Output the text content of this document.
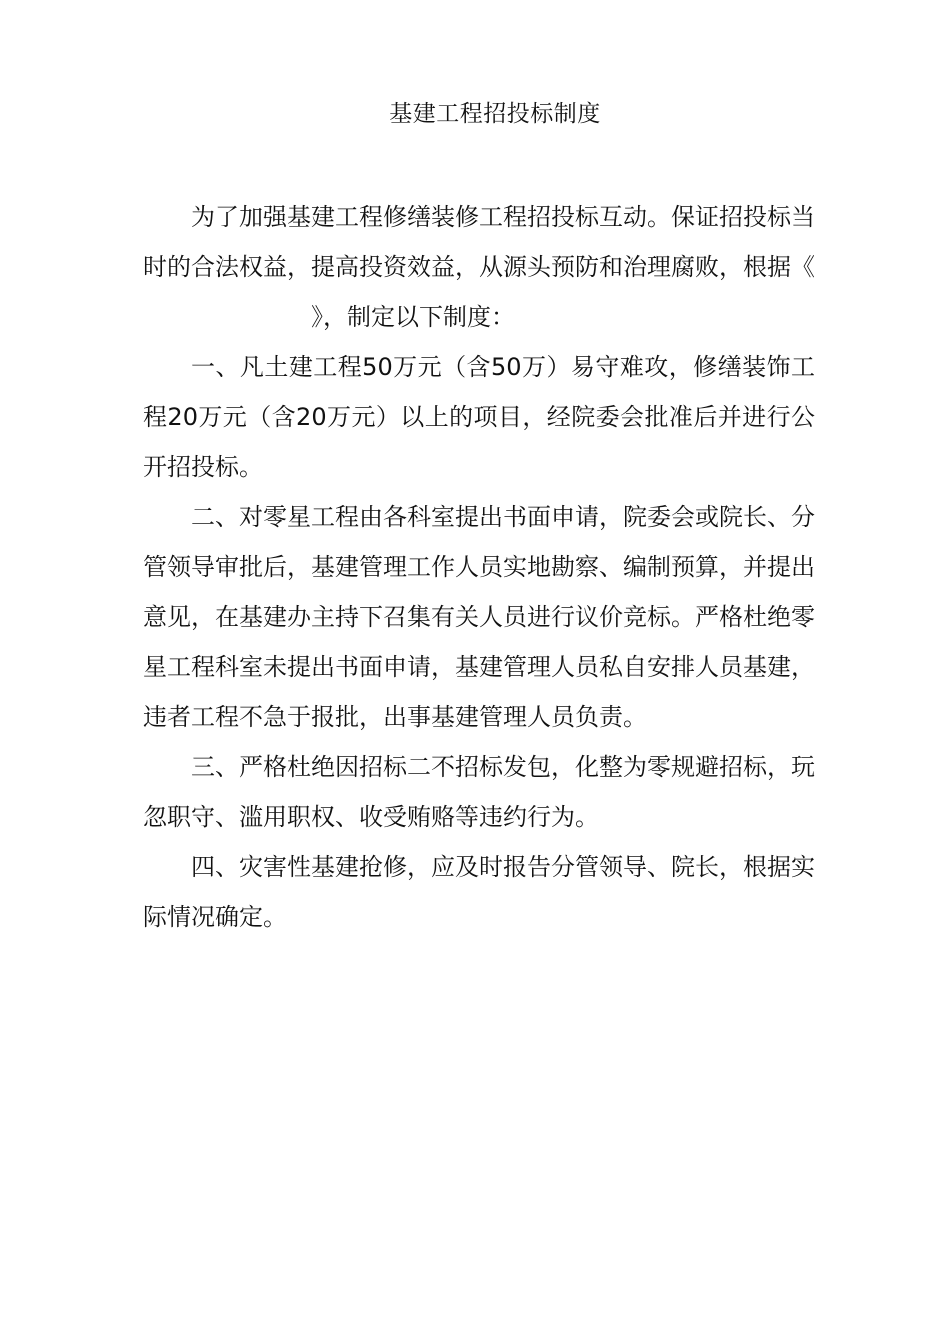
基建工程招投标制度

为了加强基建工程修缮装修工程招投标互动。保证招投标当时的合法权益，提高投资效益，从源头预防和治理腐败，根据《》，制定以下制度：

一、凡土建工程50万元（含50万）易守难攻，修缮装饰工程20万元（含20万元）以上的项目，经院委会批准后并进行公开招投标。

二、对零星工程由各科室提出书面申请，院委会或院长、分管领导审批后，基建管理工作人员实地勘察、编制预算，并提出意见，在基建办主持下召集有关人员进行议价竞标。严格杜绝零星工程科室未提出书面申请，基建管理人员私自安排人员基建，违者工程不急于报批，出事基建管理人员负责。

三、严格杜绝因招标二不招标发包，化整为零规避招标，玩忽职守、滥用职权、收受贿赂等违约行为。

四、灾害性基建抢修，应及时报告分管领导、院长，根据实际情况确定。
